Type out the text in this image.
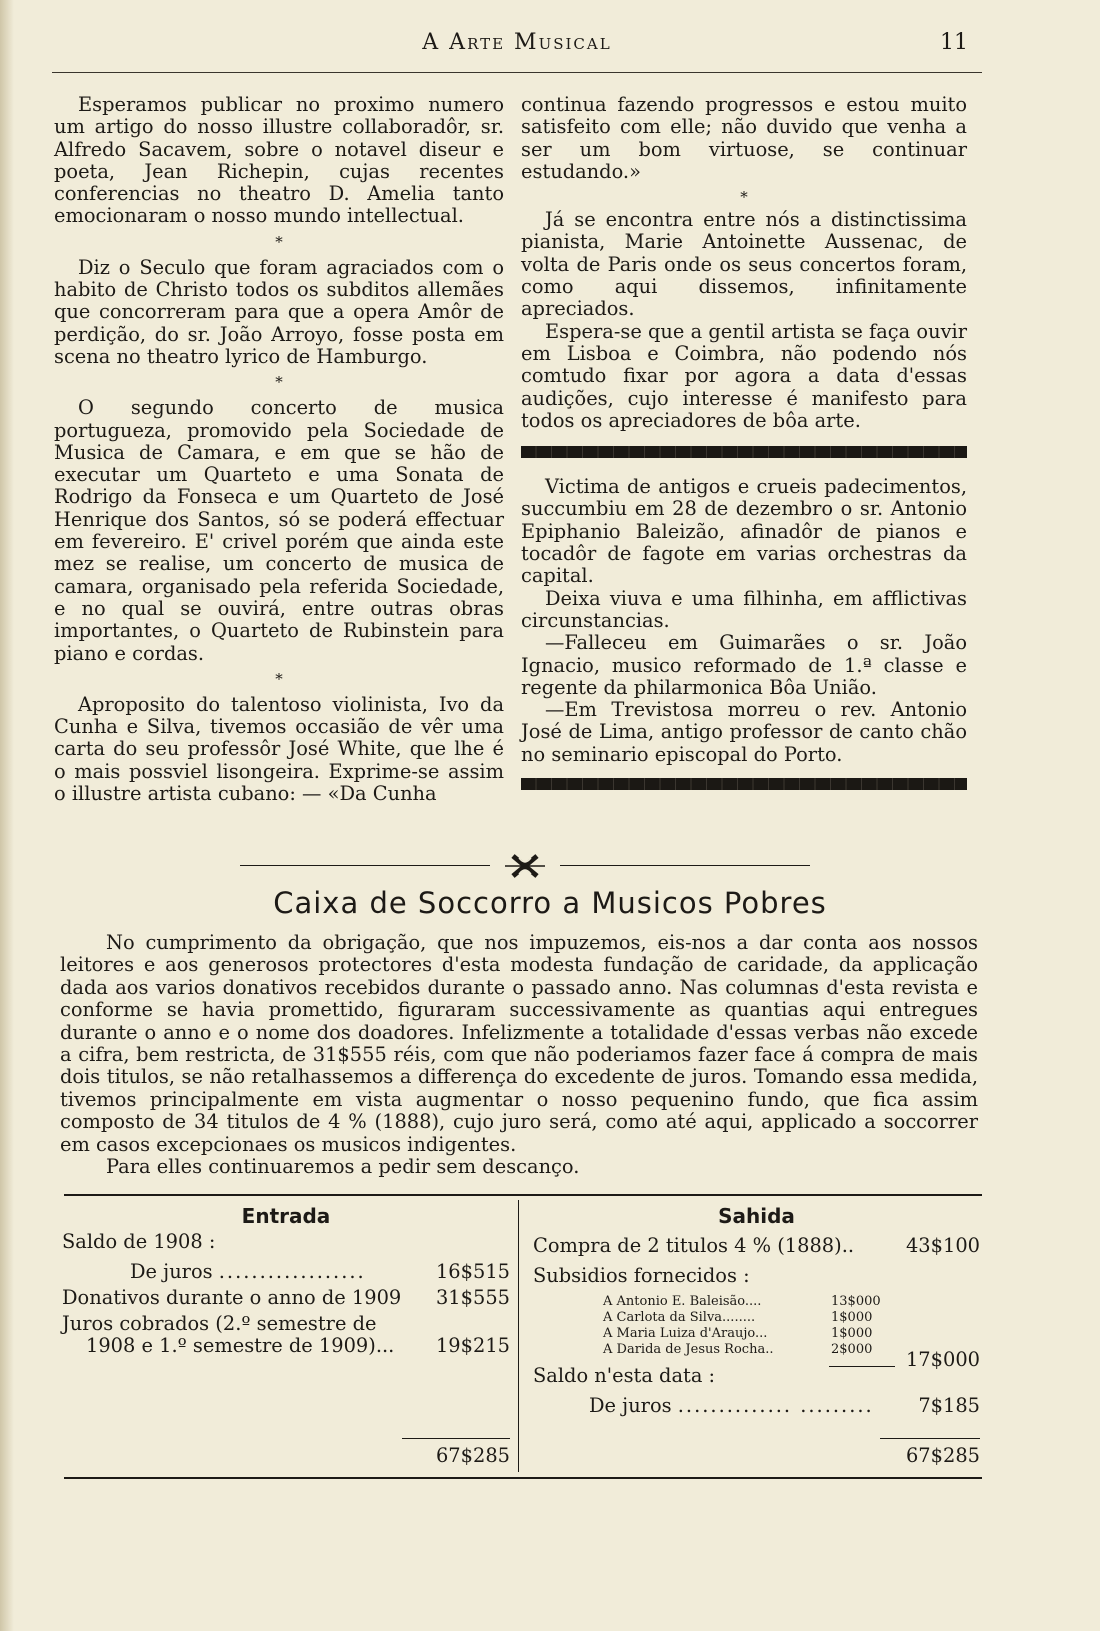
A Arte Musical	11

Esperamos publicar no proximo numero um artigo do nosso illustre collaboradôr, sr. Alfredo Sacavem, sobre o notavel diseur e poeta, Jean Richepin, cujas recentes conferencias no theatro D. Amelia tanto emocionaram o nosso mundo intellectual.

*

Diz o Seculo que foram agraciados com o habito de Christo todos os subditos allemães que concorreram para que a opera Amôr de perdição, do sr. João Arroyo, fosse posta em scena no theatro lyrico de Hamburgo.

*

O segundo concerto de musica portugueza, promovido pela Sociedade de Musica de Camara, e em que se hão de executar um Quarteto e uma Sonata de Rodrigo da Fonseca e um Quarteto de José Henrique dos Santos, só se poderá effectuar em fevereiro. E' crivel porém que ainda este mez se realise, um concerto de musica de camara, organisado pela referida Sociedade, e no qual se ouvirá, entre outras obras importantes, o Quarteto de Rubinstein para piano e cordas.

*

Aproposito do talentoso violinista, Ivo da Cunha e Silva, tivemos occasião de vêr uma carta do seu professôr José White, que lhe é o mais possviel lisongeira. Exprime-se assim o illustre artista cubano: — «Da Cunha

continua fazendo progressos e estou muito satisfeito com elle; não duvido que venha a ser um bom virtuose, se continuar estudando.»

*

Já se encontra entre nós a distinctissima pianista, Marie Antoinette Aussenac, de volta de Paris onde os seus concertos foram, como aqui dissemos, infinitamente apreciados.

Espera-se que a gentil artista se faça ouvir em Lisboa e Coimbra, não podendo nós comtudo fixar por agora a data d'essas audições, cujo interesse é manifesto para todos os apreciadores de bôa arte.

Victima de antigos e crueis padecimentos, succumbiu em 28 de dezembro o sr. Antonio Epiphanio Baleizão, afinadôr de pianos e tocadôr de fagote em varias orchestras da capital.

Deixa viuva e uma filhinha, em afflictivas circunstancias.

—Falleceu em Guimarães o sr. João Ignacio, musico reformado de 1.ª classe e regente da philarmonica Bôa União.

—Em Trevistosa morreu o rev. Antonio José de Lima, antigo professor de canto chão no seminario episcopal do Porto.

Caixa de Soccorro a Musicos Pobres

No cumprimento da obrigação, que nos impuzemos, eis-nos a dar conta aos nossos leitores e aos generosos protectores d'esta modesta fundação de caridade, da applicação dada aos varios donativos recebidos durante o passado anno. Nas columnas d'esta revista e conforme se havia promettido, figuraram successivamente as quantias aqui entregues durante o anno e o nome dos doadores. Infelizmente a totalidade d'essas verbas não excede a cifra, bem restricta, de 31$555 réis, com que não poderiamos fazer face á compra de mais dois titulos, se não retalhassemos a differença do excedente de juros. Tomando essa medida, tivemos principalmente em vista augmentar o nosso pequenino fundo, que fica assim composto de 34 titulos de 4 % (1888), cujo juro será, como até aqui, applicado a soccorrer em casos excepcionaes os musicos indigentes.

Para elles continuaremos a pedir sem descanço.

Entrada
Saldo de 1908 :
De juros ..................	16$515
Donativos durante o anno de 1909 31$555
Juros cobrados (2.º semestre de
1908 e 1.º semestre de 1909)... 19$215
67$285
Sahida
Compra de 2 titulos 4 % (1888)..	43$100
Subsidios fornecidos :
A Antonio E. Baleisão....	13$000
A Carlota da Silva........	1$000
A Maria Luiza d'Araujo...	1$000
A Darida de Jesus Rocha..	2$000 17$000
Saldo n'esta data :
De juros .............. ......... 7$185
67$285
